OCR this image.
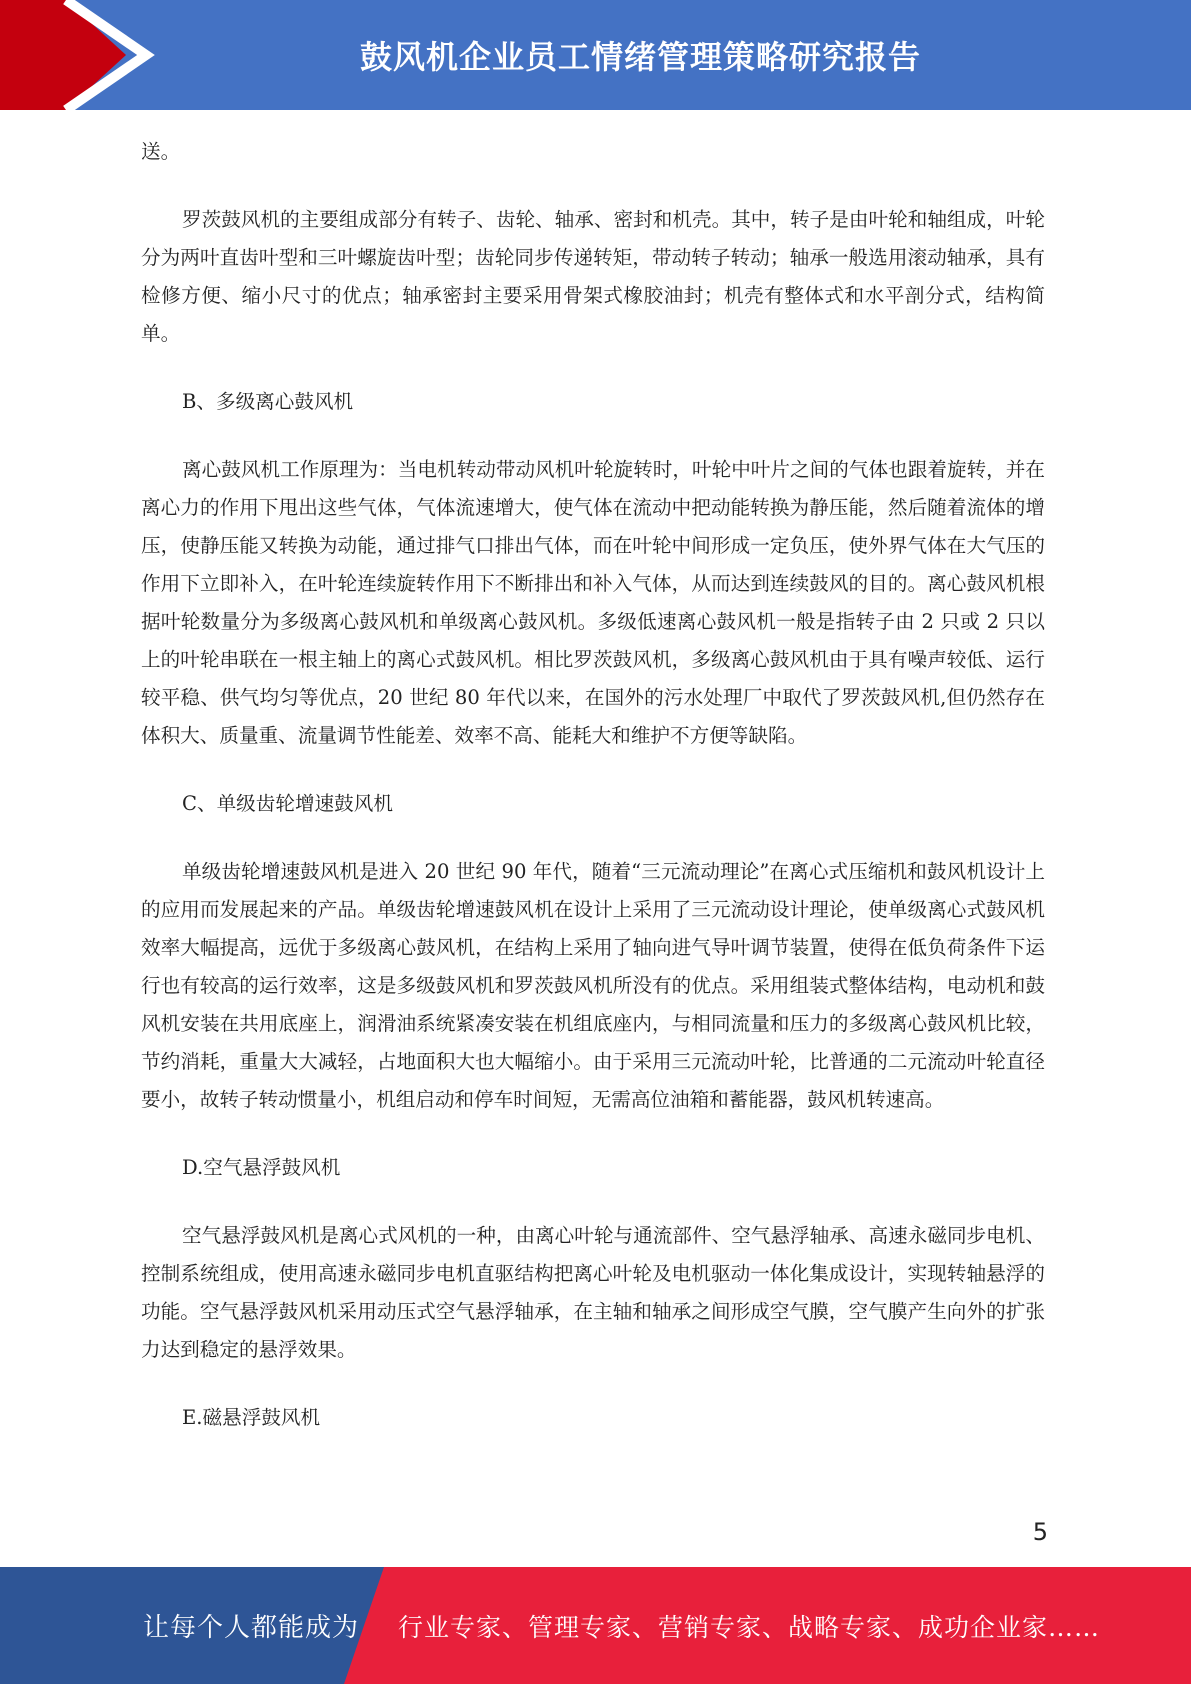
鼓风机企业员工情绪管理策略研究报告

送。

罗茨鼓风机的主要组成部分有转子、齿轮、轴承、密封和机壳。其中，转子是由叶轮和轴组成，叶轮分为两叶直齿叶型和三叶螺旋齿叶型；齿轮同步传递转矩，带动转子转动；轴承一般选用滚动轴承，具有检修方便、缩小尺寸的优点；轴承密封主要采用骨架式橡胶油封；机壳有整体式和水平剖分式，结构简单。

B、多级离心鼓风机

离心鼓风机工作原理为：当电机转动带动风机叶轮旋转时，叶轮中叶片之间的气体也跟着旋转，并在离心力的作用下甩出这些气体，气体流速增大，使气体在流动中把动能转换为静压能，然后随着流体的增压，使静压能又转换为动能，通过排气口排出气体，而在叶轮中间形成一定负压，使外界气体在大气压的作用下立即补入，在叶轮连续旋转作用下不断排出和补入气体，从而达到连续鼓风的目的。离心鼓风机根据叶轮数量分为多级离心鼓风机和单级离心鼓风机。多级低速离心鼓风机一般是指转子由 2 只或 2 只以上的叶轮串联在一根主轴上的离心式鼓风机。相比罗茨鼓风机，多级离心鼓风机由于具有噪声较低、运行较平稳、供气均匀等优点，20 世纪 80 年代以来，在国外的污水处理厂中取代了罗茨鼓风机,但仍然存在体积大、质量重、流量调节性能差、效率不高、能耗大和维护不方便等缺陷。

C、单级齿轮增速鼓风机

单级齿轮增速鼓风机是进入 20 世纪 90 年代，随着“三元流动理论”在离心式压缩机和鼓风机设计上的应用而发展起来的产品。单级齿轮增速鼓风机在设计上采用了三元流动设计理论，使单级离心式鼓风机效率大幅提高，远优于多级离心鼓风机，在结构上采用了轴向进气导叶调节装置，使得在低负荷条件下运行也有较高的运行效率，这是多级鼓风机和罗茨鼓风机所没有的优点。采用组装式整体结构，电动机和鼓风机安装在共用底座上，润滑油系统紧凑安装在机组底座内，与相同流量和压力的多级离心鼓风机比较，节约消耗，重量大大减轻，占地面积大也大幅缩小。由于采用三元流动叶轮，比普通的二元流动叶轮直径要小，故转子转动惯量小，机组启动和停车时间短，无需高位油箱和蓄能器，鼓风机转速高。

D.空气悬浮鼓风机

空气悬浮鼓风机是离心式风机的一种，由离心叶轮与通流部件、空气悬浮轴承、高速永磁同步电机、控制系统组成，使用高速永磁同步电机直驱结构把离心叶轮及电机驱动一体化集成设计，实现转轴悬浮的功能。空气悬浮鼓风机采用动压式空气悬浮轴承，在主轴和轴承之间形成空气膜，空气膜产生向外的扩张力达到稳定的悬浮效果。

E.磁悬浮鼓风机

5
让每个人都能成为 行业专家、管理专家、营销专家、战略专家、成功企业家……
